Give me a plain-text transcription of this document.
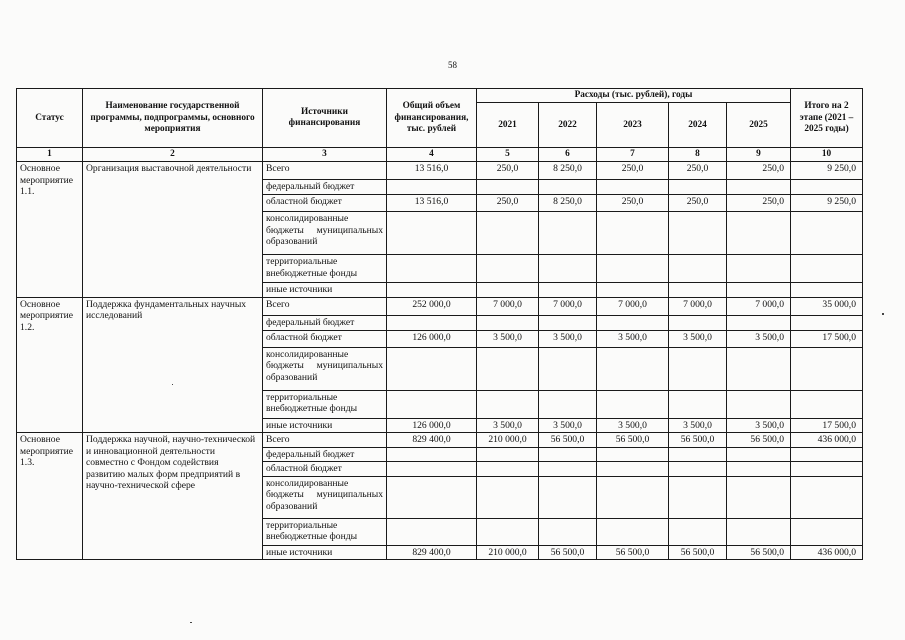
58
Статус	Наименование государственной программы, подпрограммы, основного мероприятия	Источники финансирования	Общий объем финансирования, тыс. рублей	Расходы (тыс. рублей), годы					Итого на 2 этапе (2021 – 2025 годы)
				2021	2022	2023	2024	2025	
1	2	3	4	5	6	7	8	9	10
Основное мероприятие 1.1.	Организация выставочной деятельности	Всего	13 516,0	250,0	8 250,0	250,0	250,0	250,0	9 250,0
		федеральный бюджет							
		областной бюджет	13 516,0	250,0	8 250,0	250,0	250,0	250,0	9 250,0
		консолидированные бюджеты муниципальных образований							
		территориальные внебюджетные фонды							
		иные источники							
Основное мероприятие 1.2.	Поддержка фундаментальных научных исследований	Всего	252 000,0	7 000,0	7 000,0	7 000,0	7 000,0	7 000,0	35 000,0
		федеральный бюджет							
		областной бюджет	126 000,0	3 500,0	3 500,0	3 500,0	3 500,0	3 500,0	17 500,0
		консолидированные бюджеты муниципальных образований							
		территориальные внебюджетные фонды							
		иные источники	126 000,0	3 500,0	3 500,0	3 500,0	3 500,0	3 500,0	17 500,0
Основное мероприятие 1.3.	Поддержка научной, научно-технической и инновационной деятельности совместно с Фондом содействия развитию малых форм предприятий в научно-технической сфере	Всего	829 400,0	210 000,0	56 500,0	56 500,0	56 500,0	56 500,0	436 000,0
		федеральный бюджет							
		областной бюджет							
		консолидированные бюджеты муниципальных образований							
		территориальные внебюджетные фонды							
		иные источники	829 400,0	210 000,0	56 500,0	56 500,0	56 500,0	56 500,0	436 000,0
